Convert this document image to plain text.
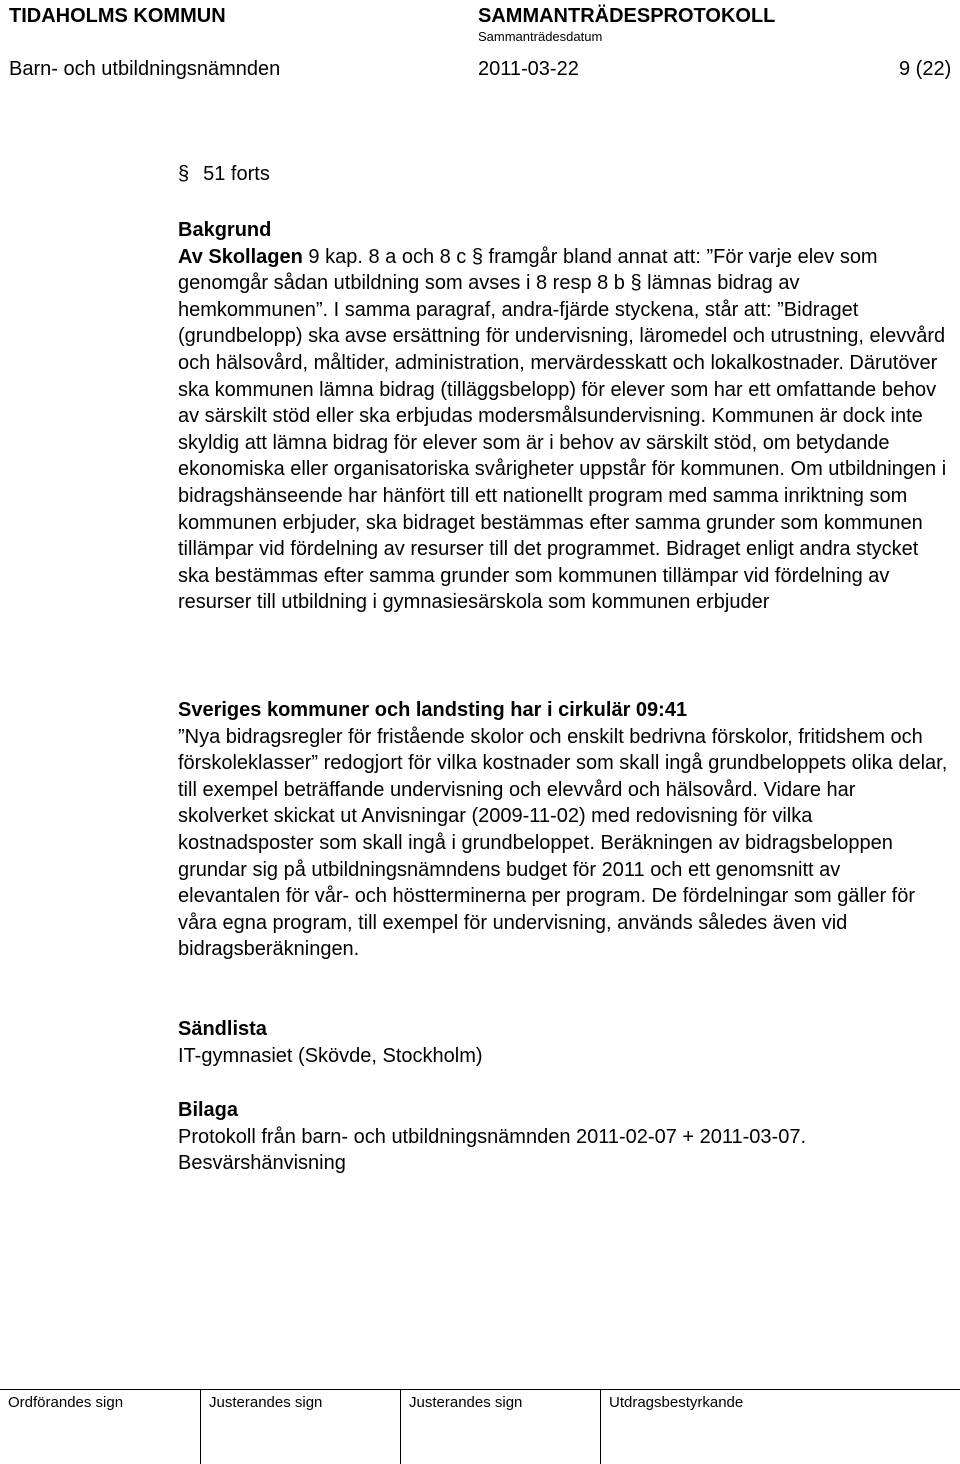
TIDAHOLMS KOMMUN	SAMMANTRÄDESPROTOKOLL
Sammanträdesdatum
Barn- och utbildningsnämnden	2011-03-22	9 (22)
§ 51 forts
Bakgrund

Av Skollagen 9 kap. 8 a och 8 c § framgår bland annat att: ”För varje elev som genomgår sådan utbildning som avses i 8 resp 8 b § lämnas bidrag av hemkommunen”. I samma paragraf, andra-fjärde styckena, står att: ”Bidraget (grundbelopp) ska avse ersättning för undervisning, läromedel och utrustning, elevvård och hälsovård, måltider, administration, mervärdesskatt och lokalkostnader. Därutöver ska kommunen lämna bidrag (tilläggsbelopp) för elever som har ett omfattande behov av särskilt stöd eller ska erbjudas modersmålsundervisning. Kommunen är dock inte skyldig att lämna bidrag för elever som är i behov av särskilt stöd, om betydande ekonomiska eller organisatoriska svårigheter uppstår för kommunen. Om utbildningen i bidragshänseende har hänfört till ett nationellt program med samma inriktning som kommunen erbjuder, ska bidraget bestämmas efter samma grunder som kommunen tillämpar vid fördelning av resurser till det programmet. Bidraget enligt andra stycket ska bestämmas efter samma grunder som kommunen tillämpar vid fördelning av resurser till utbildning i gymnasiesärskola som kommunen erbjuder

Sveriges kommuner och landsting har i cirkulär 09:41

”Nya bidragsregler för fristående skolor och enskilt bedrivna förskolor, fritidshem och förskoleklasser” redogjort för vilka kostnader som skall ingå grundbeloppets olika delar, till exempel beträffande undervisning och elevvård och hälsovård. Vidare har skolverket skickat ut Anvisningar (2009-11-02) med redovisning för vilka kostnadsposter som skall ingå i grundbeloppet. Beräkningen av bidragsbeloppen grundar sig på utbildningsnämndens budget för 2011 och ett genomsnitt av elevantalen för vår- och höstterminerna per program. De fördelningar som gäller för våra egna program, till exempel för undervisning, används således även vid bidragsberäkningen.

Sändlista

IT-gymnasiet (Skövde, Stockholm)

Bilaga

Protokoll från barn- och utbildningsnämnden 2011-02-07 + 2011-03-07.

Besvärshänvisning

Ordförandes sign	Justerandes sign	Justerandes sign	Utdragsbestyrkande
